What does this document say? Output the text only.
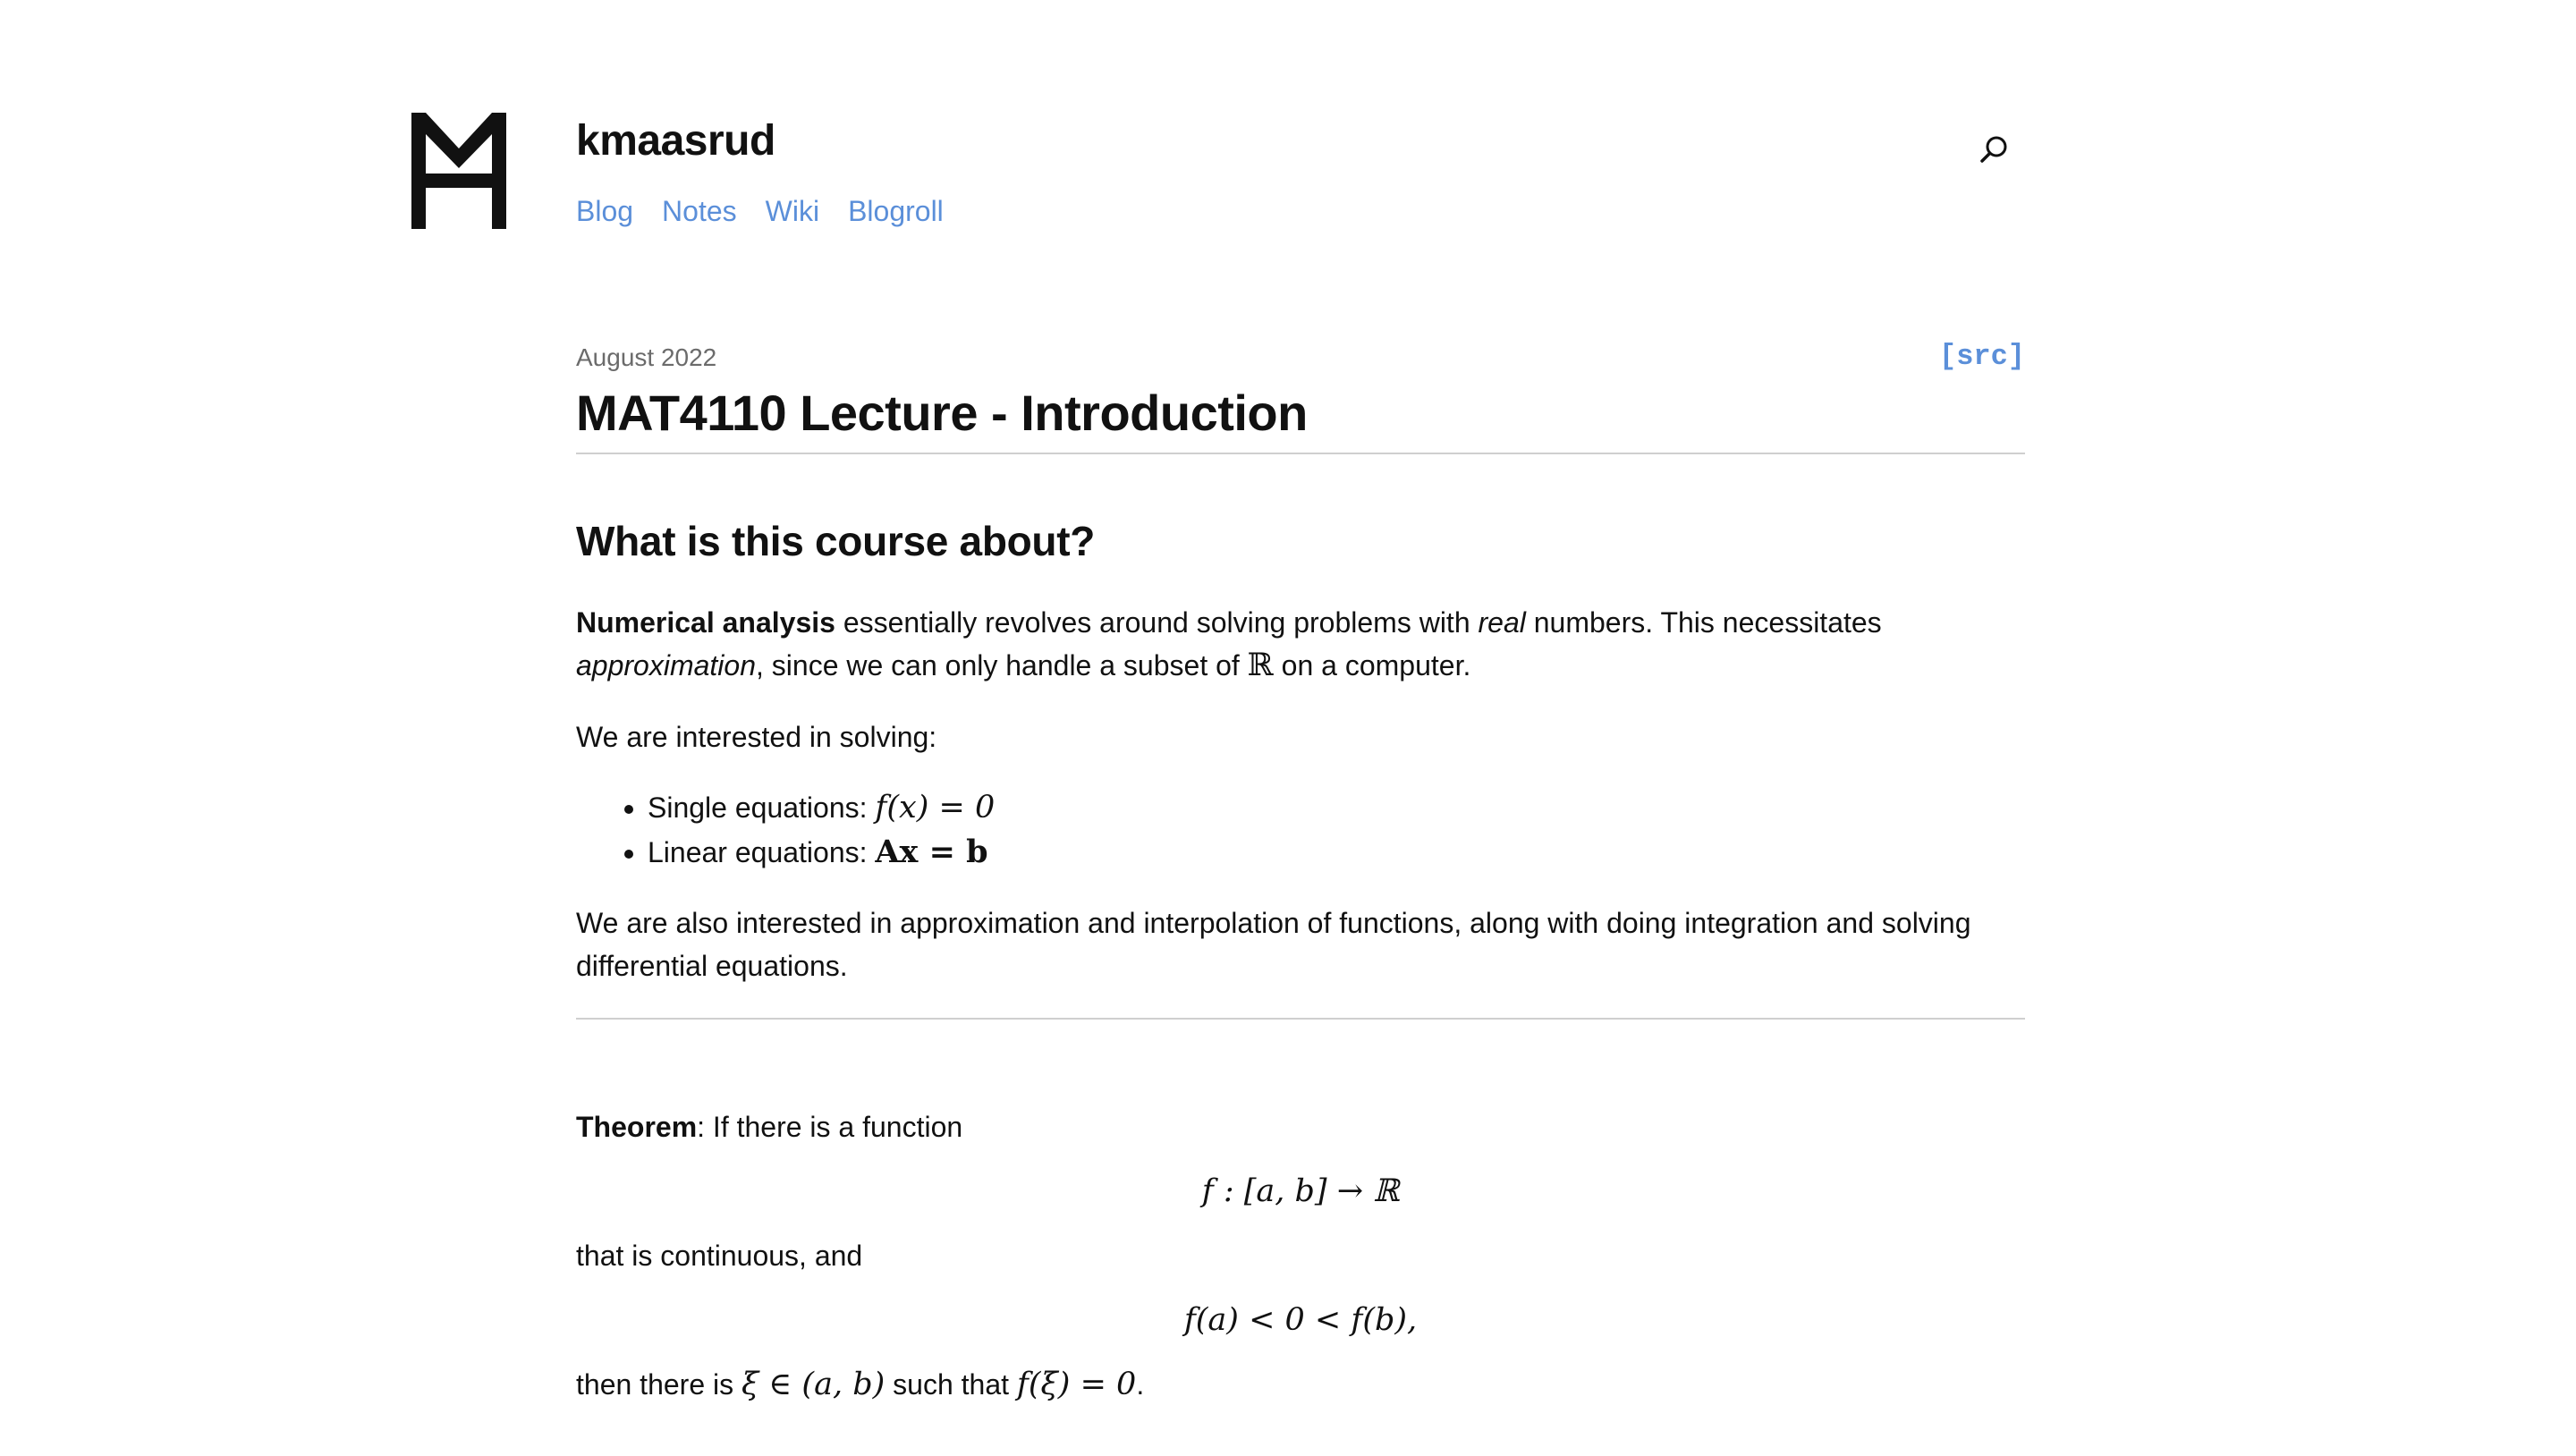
kmaasrud
Blog Notes Wiki Blogroll
August 2022	[src]
MAT4110 Lecture - Introduction
What is this course about?

Numerical analysis essentially revolves around solving problems with real numbers. This necessitates approximation, since we can only handle a subset of ℝ on a computer.

We are interested in solving:

• Single equations: f(x) = 0
• Linear equations: Ax = b

We are also interested in approximation and interpolation of functions, along with doing integration and solving differential equations.

Theorem: If there is a function

f : [a, b] → ℝ

that is continuous, and

f(a) < 0 < f(b),

then there is ξ ∈ (a, b) such that f(ξ) = 0.
